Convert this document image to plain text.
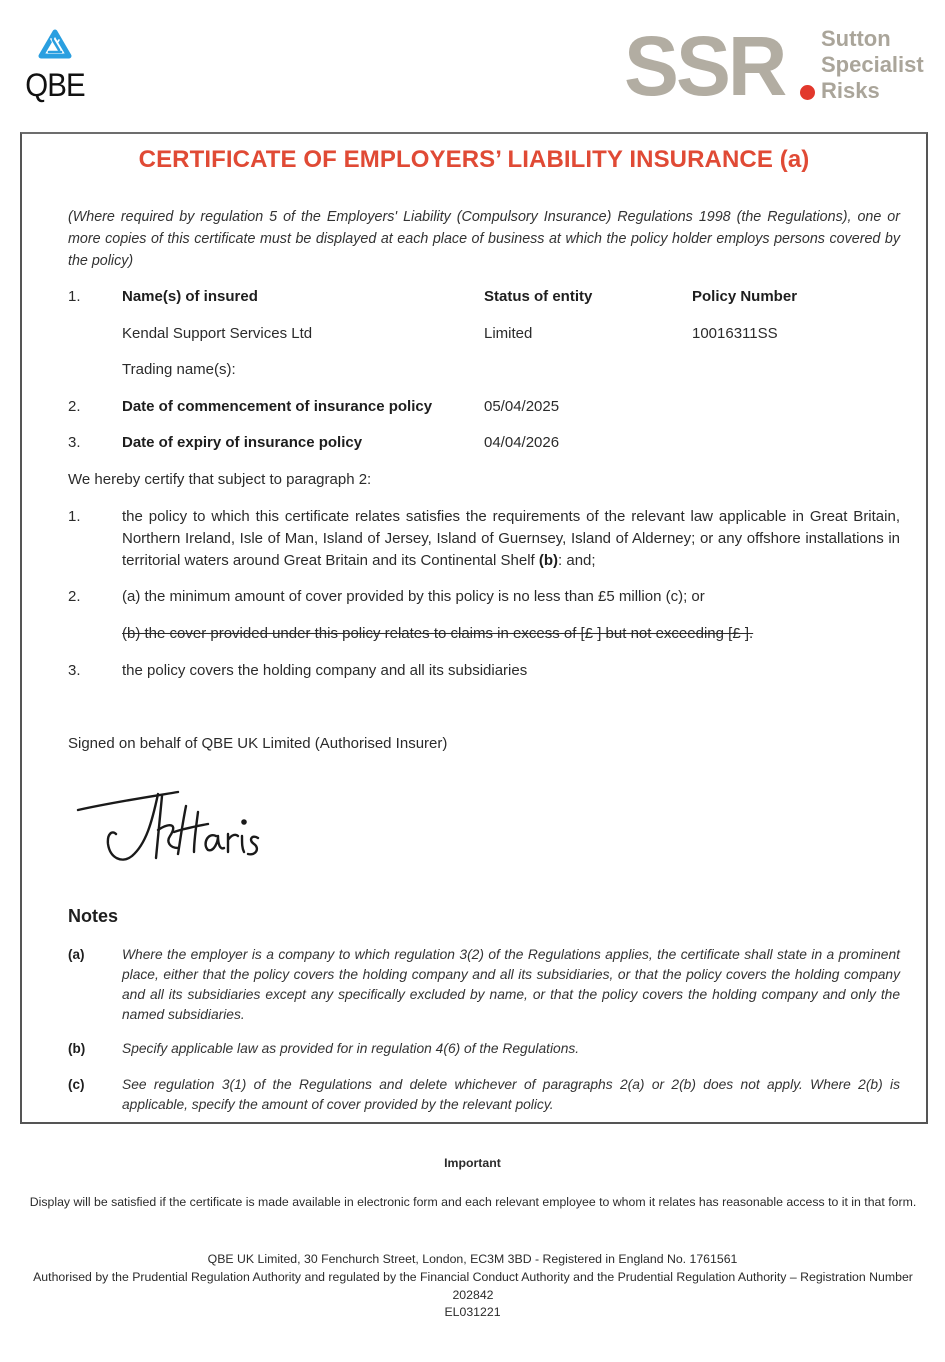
QBE	SSR Sutton
Specialist
Risks
CERTIFICATE OF EMPLOYERS’ LIABILITY INSURANCE (a)
(Where required by regulation 5 of the Employers' Liability (Compulsory Insurance) Regulations 1998 (the Regulations), one or more copies of this certificate must be displayed at each place of business at which the policy holder employs persons covered by the policy)
1.	Name(s) of insured	Status of entity	Policy Number
Kendal Support Services Ltd	Limited	10016311SS
Trading name(s):
2.	Date of commencement of insurance policy	05/04/2025
3.	Date of expiry of insurance policy	04/04/2026
We hereby certify that subject to paragraph 2:
1.	the policy to which this certificate relates satisfies the requirements of the relevant law applicable in Great Britain, Northern Ireland, Isle of Man, Island of Jersey, Island of Guernsey, Island of Alderney; or any offshore installations in territorial waters around Great Britain and its Continental Shelf (b): and;
2.	(a) the minimum amount of cover provided by this policy is no less than £5 million (c); or
(b) the cover provided under this policy relates to claims in excess of [£ ] but not exceeding [£ ].
3.	the policy covers the holding company and all its subsidiaries
Signed on behalf of QBE UK Limited (Authorised Insurer)
Notes
(a)	Where the employer is a company to which regulation 3(2) of the Regulations applies, the certificate shall state in a prominent place, either that the policy covers the holding company and all its subsidiaries, or that the policy covers the holding company and all its subsidiaries except any specifically excluded by name, or that the policy covers the holding company and only the named subsidiaries.
(b)	Specify applicable law as provided for in regulation 4(6) of the Regulations.
(c)	See regulation 3(1) of the Regulations and delete whichever of paragraphs 2(a) or 2(b) does not apply. Where 2(b) is applicable, specify the amount of cover provided by the relevant policy.
Important
Display will be satisfied if the certificate is made available in electronic form and each relevant employee to whom it relates has reasonable access to it in that form.
QBE UK Limited, 30 Fenchurch Street, London, EC3M 3BD - Registered in England No. 1761561
Authorised by the Prudential Regulation Authority and regulated by the Financial Conduct Authority and the Prudential Regulation Authority – Registration Number 202842
EL031221
